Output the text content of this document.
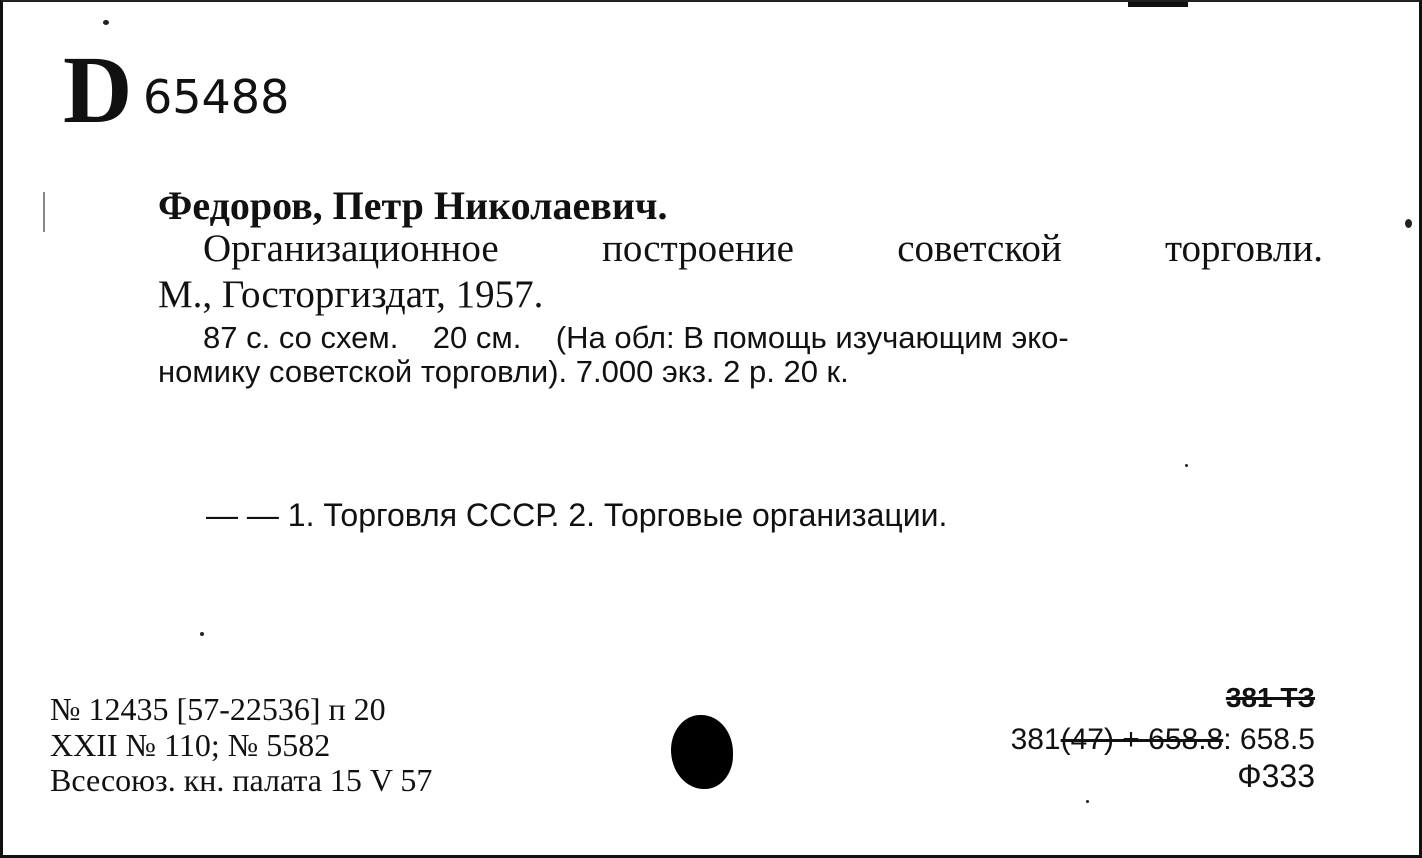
D 65488
Федоров, Петр Николаевич.
Организационное	построение	советской	торговли.
М., Госторгиздат, 1957.
87 с. со схем.    20 см.    (На обл: В помощь изучающим эко-
номику советской торговли). 7.000 экз. 2 р. 20 к.
— — 1. Торговля СССР. 2. Торговые организации.
№ 12435 [57-22536] п 20
XXII № 110; № 5582
Всесоюз. кн. палата 15 V 57
381 ТЗ
381(47) + 658.8: 658.5
Ф333
